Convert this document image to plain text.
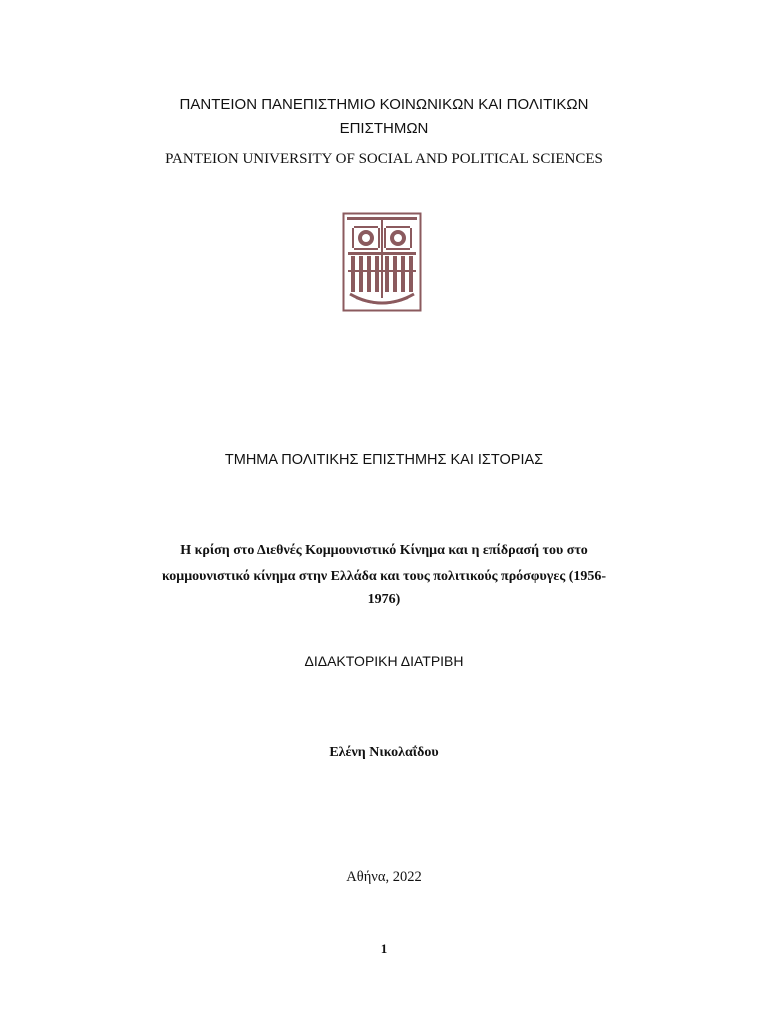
ΠΑΝΤΕΙΟΝ ΠΑΝΕΠΙΣΤΗΜΙΟ ΚΟΙΝΩΝΙΚΩΝ ΚΑΙ ΠΟΛΙΤΙΚΩΝ
ΕΠΙΣΤΗΜΩΝ
PANTEION UNIVERSITY OF SOCIAL AND POLITICAL SCIENCES
ΤΜΗΜΑ ΠΟΛΙΤΙΚΗΣ ΕΠΙΣΤΗΜΗΣ ΚΑΙ ΙΣΤΟΡΙΑΣ
Η κρίση στο Διεθνές Κομμουνιστικό Κίνημα και η επίδρασή του στο
κομμουνιστικό κίνημα στην Ελλάδα και τους πολιτικούς πρόσφυγες (1956-
1976)
ΔΙΔΑΚΤΟΡΙΚΗ ΔΙΑΤΡΙΒΗ
Ελένη Νικολαΐδου
Αθήνα, 2022
1
